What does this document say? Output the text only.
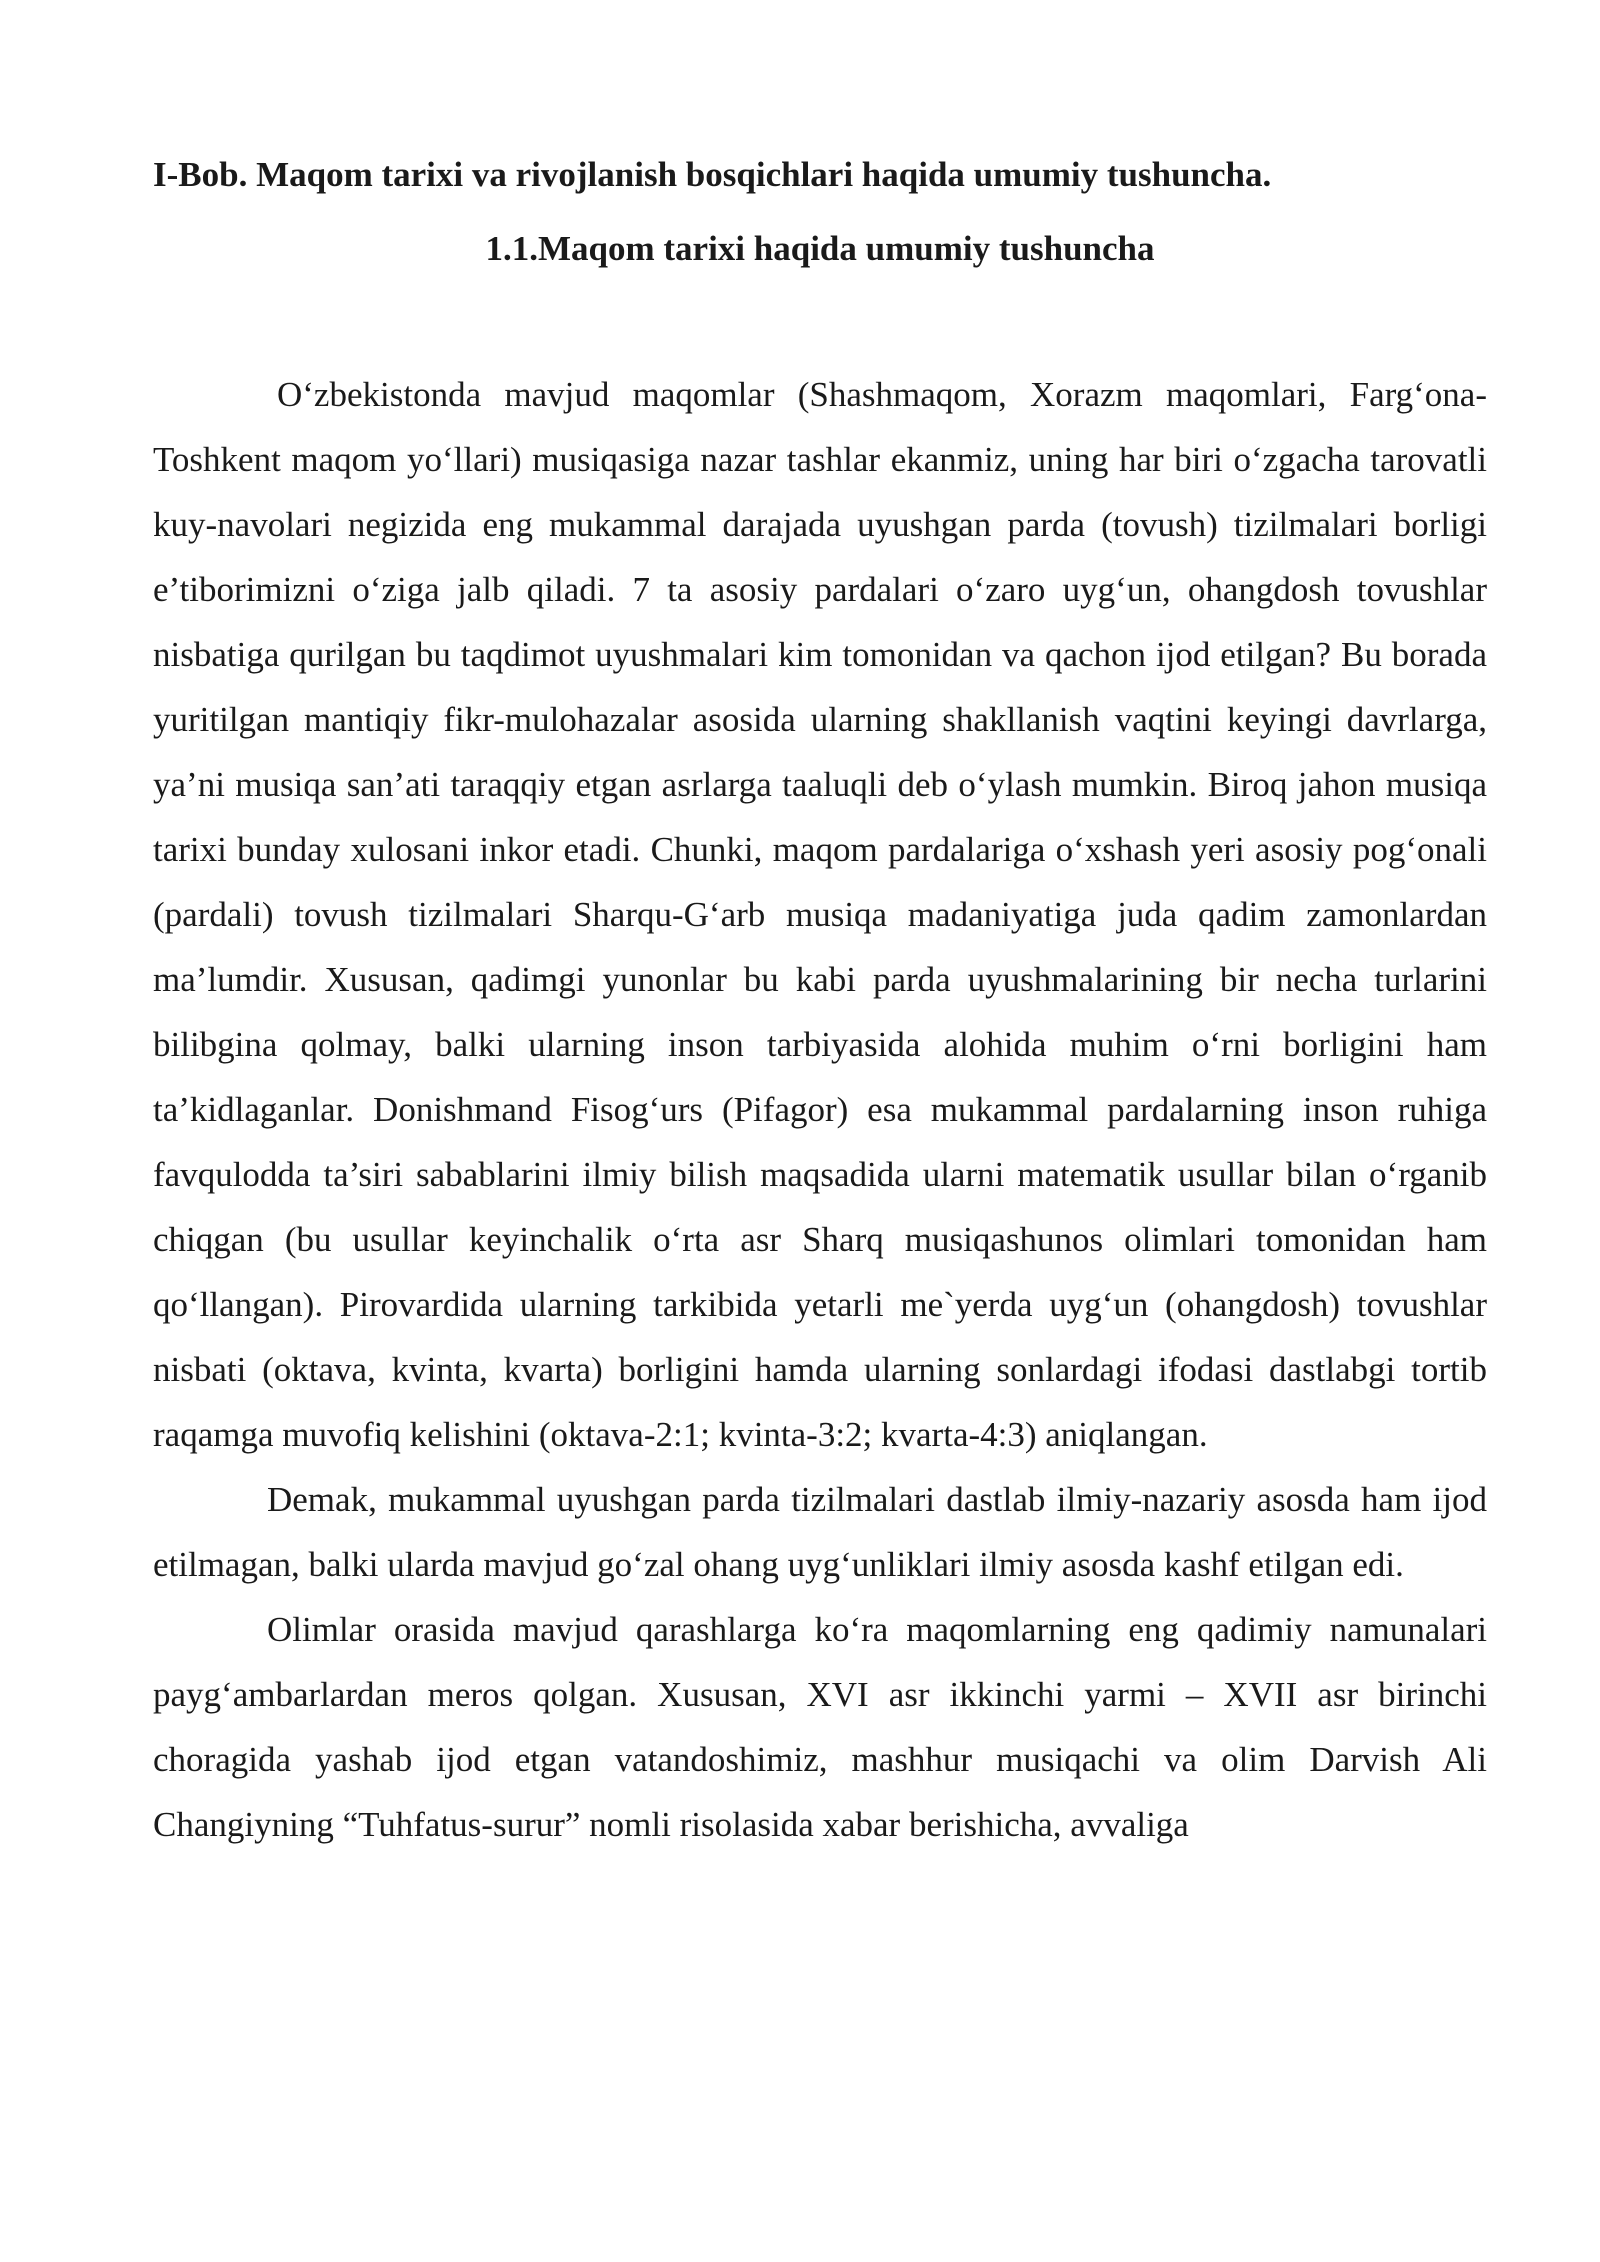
I-Bob. Maqom tarixi va rivojlanish bosqichlari haqida umumiy tushuncha.
1.1.Maqom tarixi haqida umumiy tushuncha

O‘zbekistonda mavjud maqomlar (Shashmaqom, Xorazm maqomlari, Farg‘ona-Toshkent maqom yo‘llari) musiqasiga nazar tashlar ekanmiz, uning har biri o‘zgacha tarovatli kuy-navolari negizida eng mukammal darajada uyushgan parda (tovush) tizilmalari borligi e’tiborimizni o‘ziga jalb qiladi. 7 ta asosiy pardalari o‘zaro uyg‘un, ohangdosh tovushlar nisbatiga qurilgan bu taqdimot uyushmalari kim tomonidan va qachon ijod etilgan? Bu borada yuritilgan mantiqiy fikr-mulohazalar asosida ularning shakllanish vaqtini keyingi davrlarga, ya’ni musiqa san’ati taraqqiy etgan asrlarga taaluqli deb o‘ylash mumkin. Biroq jahon musiqa tarixi bunday xulosani inkor etadi. Chunki, maqom pardalariga o‘xshash yeri asosiy pog‘onali (pardali) tovush tizilmalari Sharqu-G‘arb musiqa madaniyatiga juda qadim zamonlardan ma’lumdir. Xususan, qadimgi yunonlar bu kabi parda uyushmalarining bir necha turlarini bilibgina qolmay, balki ularning inson tarbiyasida alohida muhim o‘rni borligini ham ta’kidlaganlar. Donishmand Fisog‘urs (Pifagor) esa mukammal pardalarning inson ruhiga favqulodda ta’siri sabablarini ilmiy bilish maqsadida ularni matematik usullar bilan o‘rganib chiqgan (bu usullar keyinchalik o‘rta asr Sharq musiqashunos olimlari tomonidan ham qo‘llangan). Pirovardida ularning tarkibida yetarli me`yerda uyg‘un (ohangdosh) tovushlar nisbati (oktava, kvinta, kvarta) borligini hamda ularning sonlardagi ifodasi dastlabgi tortib raqamga muvofiq kelishini (oktava-2:1; kvinta-3:2; kvarta-4:3) aniqlangan.

Demak, mukammal uyushgan parda tizilmalari dastlab ilmiy-nazariy asosda ham ijod etilmagan, balki ularda mavjud go‘zal ohang uyg‘unliklari ilmiy asosda kashf etilgan edi.

Olimlar orasida mavjud qarashlarga ko‘ra maqomlarning eng qadimiy namunalari payg‘ambarlardan meros qolgan. Xususan, XVI asr ikkinchi yarmi – XVII asr birinchi choragida yashab ijod etgan vatandoshimiz, mashhur musiqachi va olim Darvish Ali Changiyning “Tuhfatus-surur” nomli risolasida xabar berishicha, avvaliga
